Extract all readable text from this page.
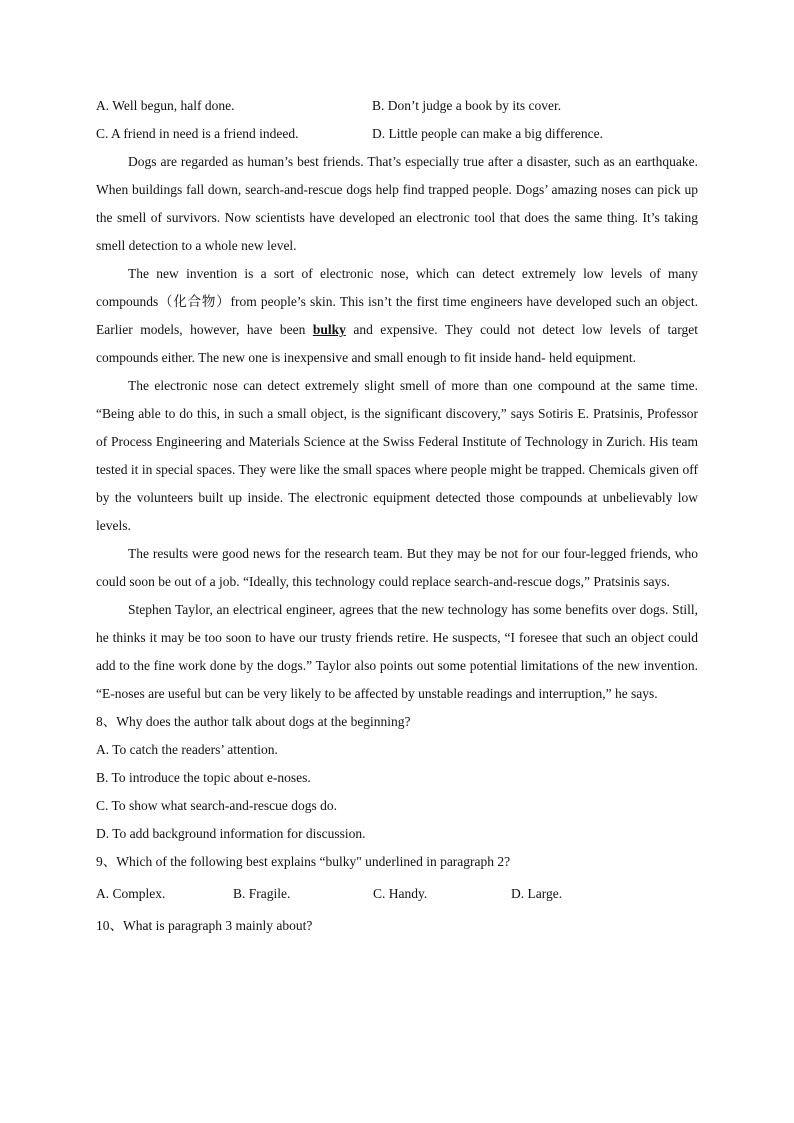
A. Well begun, half done.	B. Don’t judge a book by its cover.
C. A friend in need is a friend indeed.	D. Little people can make a big difference.

Dogs are regarded as human’s best friends. That’s especially true after a disaster, such as an earthquake. When buildings fall down, search-and-rescue dogs help find trapped people. Dogs’ amazing noses can pick up the smell of survivors. Now scientists have developed an electronic tool that does the same thing. It’s taking smell detection to a whole new level.

The new invention is a sort of electronic nose, which can detect extremely low levels of many compounds（化合物）from people’s skin. This isn’t the first time engineers have developed such an object. Earlier models, however, have been bulky and expensive. They could not detect low levels of target compounds either. The new one is inexpensive and small enough to fit inside hand- held equipment.

The electronic nose can detect extremely slight smell of more than one compound at the same time. “Being able to do this, in such a small object, is the significant discovery,” says Sotiris E. Pratsinis, Professor of Process Engineering and Materials Science at the Swiss Federal Institute of Technology in Zurich. His team tested it in special spaces. They were like the small spaces where people might be trapped. Chemicals given off by the volunteers built up inside. The electronic equipment detected those compounds at unbelievably low levels.

The results were good news for the research team. But they may be not for our four-legged friends, who could soon be out of a job. “Ideally, this technology could replace search-and-rescue dogs,” Pratsinis says.

Stephen Taylor, an electrical engineer, agrees that the new technology has some benefits over dogs. Still, he thinks it may be too soon to have our trusty friends retire. He suspects, “I foresee that such an object could add to the fine work done by the dogs.” Taylor also points out some potential limitations of the new invention. “E-noses are useful but can be very likely to be affected by unstable readings and interruption,” he says.

8、Why does the author talk about dogs at the beginning?

A. To catch the readers’ attention.

B. To introduce the topic about e-noses.

C. To show what search-and-rescue dogs do.

D. To add background information for discussion.

9、Which of the following best explains “bulky" underlined in paragraph 2?

A. Complex.	B. Fragile.	C. Handy.	D. Large.

10、What is paragraph 3 mainly about?
